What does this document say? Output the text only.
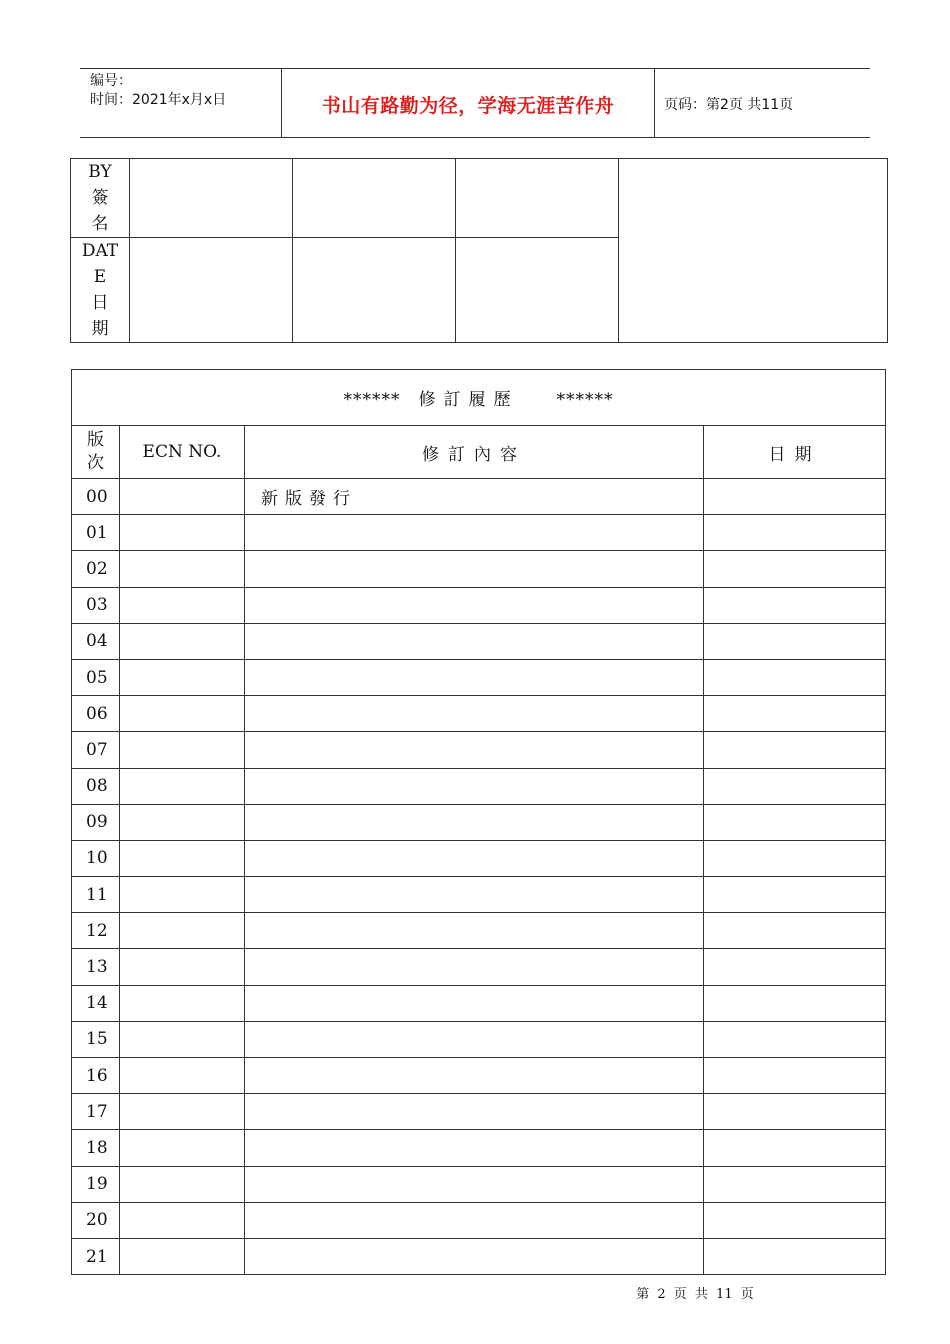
编号：
时间：2021年x月x日	书山有路勤为径，学海无涯苦作舟	页码：第2页 共11页
BY
簽
名				

DAT
E
日
期				

****** 修訂履歷 ******			

版
次	ECN NO.	修訂內容	日期
00		新版發行	
01			
02			
03			
04			
05			
06			
07			
08			
09			
10			
11			
12			
13			
14			
15			
16			
17			
18			
19			
20			
21			
第 2 页 共 11 页
